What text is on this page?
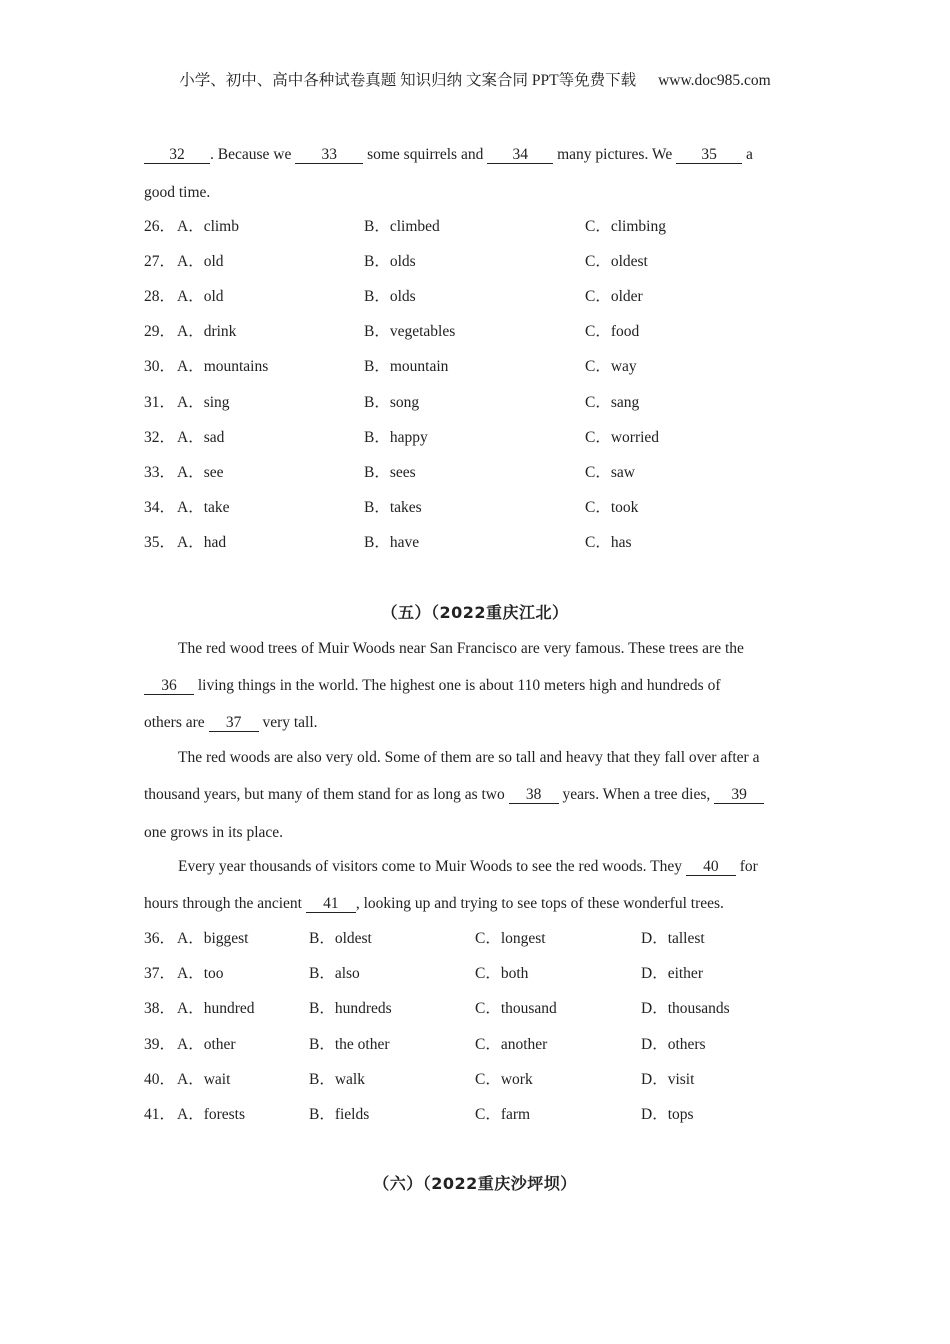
小学、初中、高中各种试卷真题 知识归纳 文案合同 PPT等免费下载 www.doc985.com
32 . Because we 33 some squirrels and 34 many pictures. We 35 a
good time.
26． A．climb	B．climbed	C．climbing
27． A．old	B．olds	C．oldest
28． A．old	B．olds	C．older
29． A．drink	B．vegetables	C．food
30． A．mountains	B．mountain	C．way
31． A．sing	B．song	C．sang
32． A．sad	B．happy	C．worried
33． A．see	B．sees	C．saw
34． A．take	B．takes	C．took
35． A．had	B．have	C．has
（五）（2022重庆江北）
The red wood trees of Muir Woods near San Francisco are very famous. These trees are the
36 living things in the world. The highest one is about 110 meters high and hundreds of
others are 37 very tall.
The red woods are also very old. Some of them are so tall and heavy that they fall over after a
thousand years, but many of them stand for as long as two 38 years. When a tree dies, 39
one grows in its place.
Every year thousands of visitors come to Muir Woods to see the red woods. They 40 for
hours through the ancient 41 , looking up and trying to see tops of these wonderful trees.
36． A．biggest	B．oldest	C．longest	D．tallest
37． A．too	B．also	C．both	D．either
38． A．hundred	B．hundreds	C．thousand	D．thousands
39． A．other	B．the other	C．another	D．others
40． A．wait	B．walk	C．work	D．visit
41． A．forests	B．fields	C．farm	D．tops
（六）（2022重庆沙坪坝）
